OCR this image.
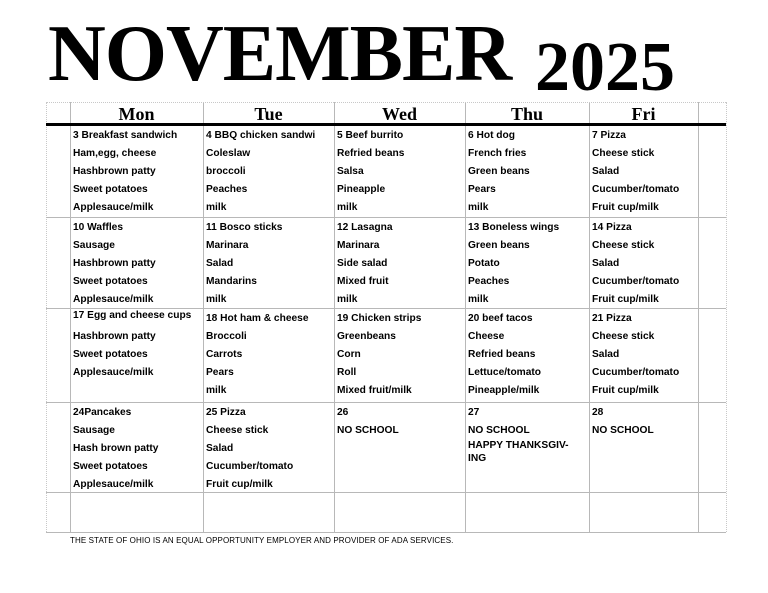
NOVEMBER 2025
Mon	Tue	Wed	Thu	Fri
3 Breakfast sandwich
Ham,egg, cheese
Hashbrown patty
Sweet potatoes
Applesauce/milk
4 BBQ chicken sandwi
Coleslaw
broccoli
Peaches
milk
5 Beef burrito
Refried beans
Salsa
Pineapple
milk
6 Hot dog
French fries
Green beans
Pears
milk
7 Pizza
Cheese stick
Salad
Cucumber/tomato
Fruit cup/milk
10 Waffles
Sausage
Hashbrown patty
Sweet potatoes
Applesauce/milk
11 Bosco sticks
Marinara
Salad
Mandarins
milk
12 Lasagna
Marinara
Side salad
Mixed fruit
milk
13 Boneless wings
Green beans
Potato
Peaches
milk
14 Pizza
Cheese stick
Salad
Cucumber/tomato
Fruit cup/milk
17 Egg and cheese cups
Hashbrown patty
Sweet potatoes
Applesauce/milk
18 Hot ham & cheese
Broccoli
Carrots
Pears
milk
19 Chicken strips
Greenbeans
Corn
Roll
Mixed fruit/milk
20 beef tacos
Cheese
Refried beans
Lettuce/tomato
Pineapple/milk
21 Pizza
Cheese stick
Salad
Cucumber/tomato
Fruit cup/milk
24Pancakes
Sausage
Hash brown patty
Sweet potatoes
Applesauce/milk
25 Pizza
Cheese stick
Salad
Cucumber/tomato
Fruit cup/milk
26
NO SCHOOL
27
NO SCHOOL
HAPPY THANKSGIV-ING
28
NO SCHOOL
THE STATE OF OHIO IS AN EQUAL OPPORTUNITY EMPLOYER AND PROVIDER OF ADA SERVICES.
